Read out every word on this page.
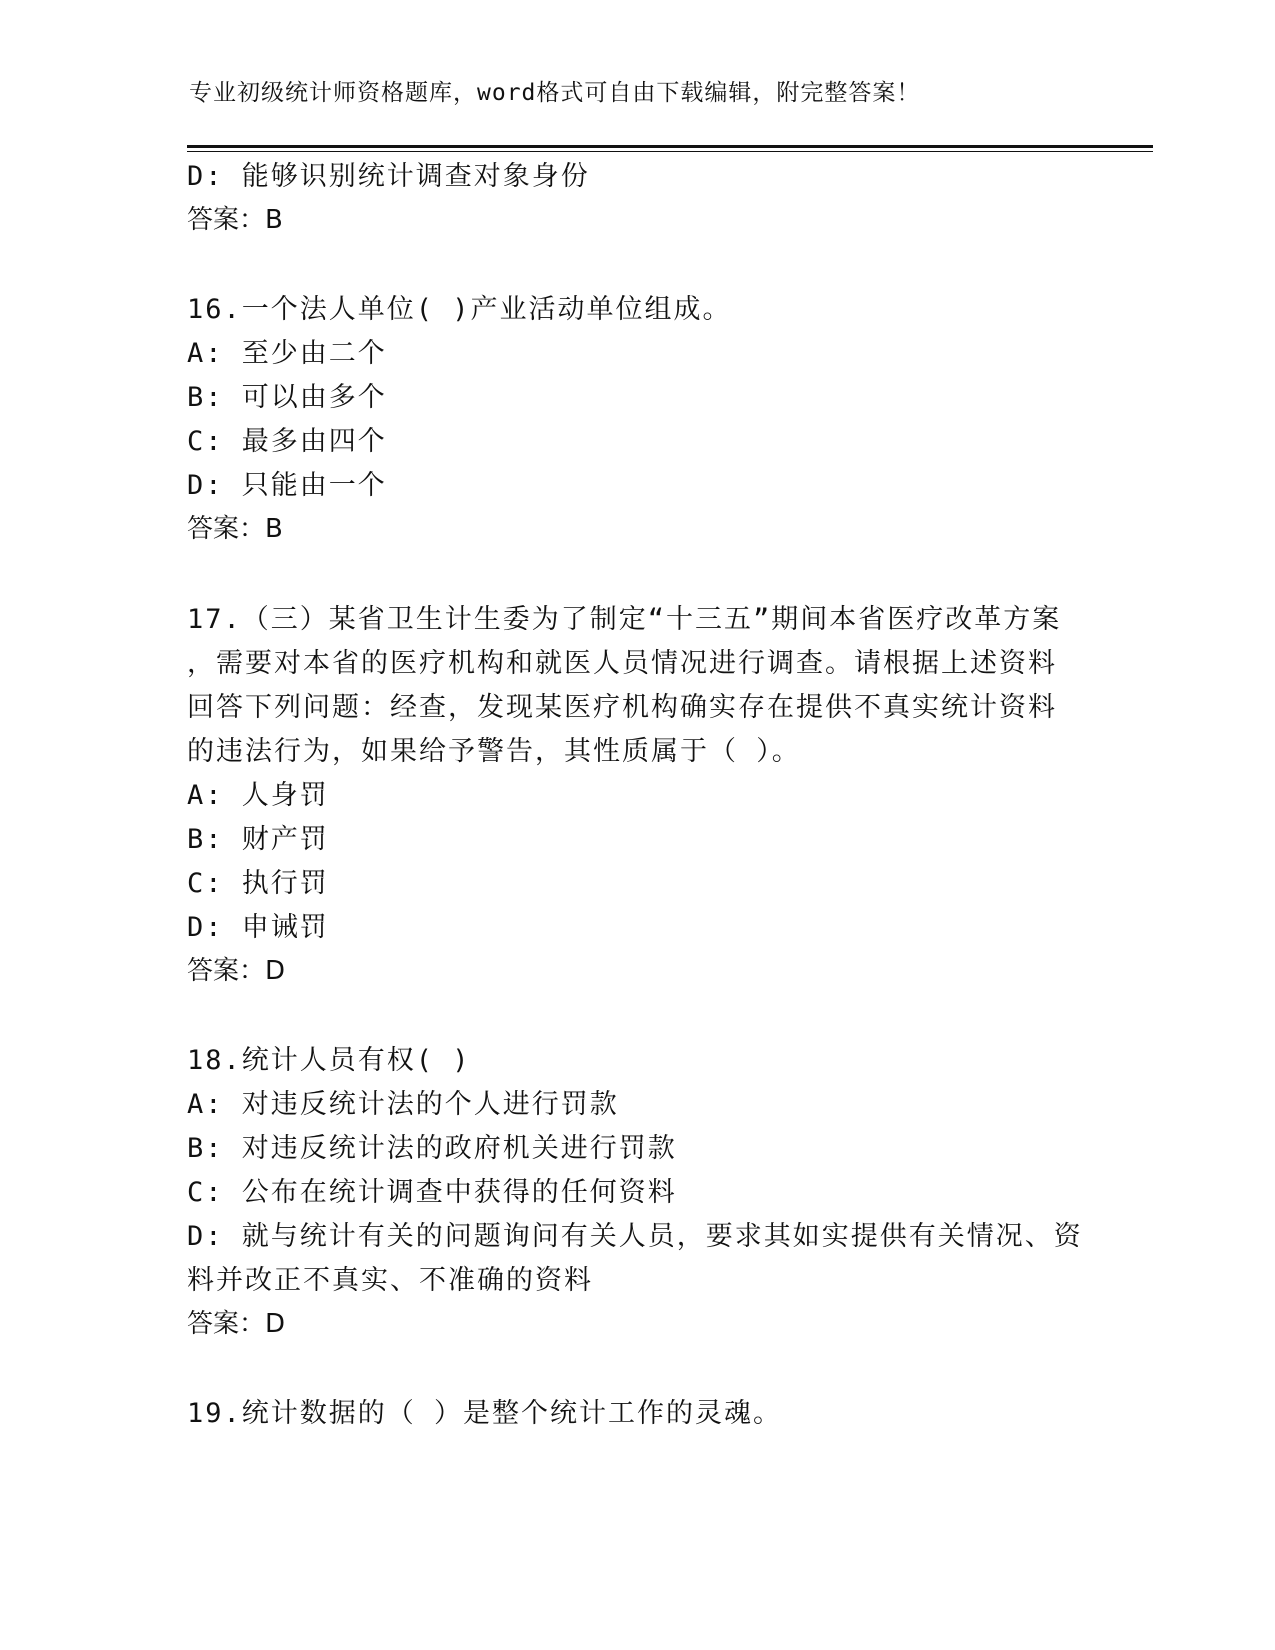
专业初级统计师资格题库，word格式可自由下载编辑，附完整答案！
D: 能够识别统计调查对象身份
答案：B
16.一个法人单位( )产业活动单位组成。
A: 至少由二个
B: 可以由多个
C: 最多由四个
D: 只能由一个
答案：B
17.（三）某省卫生计生委为了制定“十三五”期间本省医疗改革方案
，需要对本省的医疗机构和就医人员情况进行调查。请根据上述资料
回答下列问题：经查，发现某医疗机构确实存在提供不真实统计资料
的违法行为，如果给予警告，其性质属于（ ）。
A: 人身罚
B: 财产罚
C: 执行罚
D: 申诫罚
答案：D
18.统计人员有权( )
A: 对违反统计法的个人进行罚款
B: 对违反统计法的政府机关进行罚款
C: 公布在统计调查中获得的任何资料
D: 就与统计有关的问题询问有关人员，要求其如实提供有关情况、资
料并改正不真实、不准确的资料
答案：D
19.统计数据的（ ）是整个统计工作的灵魂。
